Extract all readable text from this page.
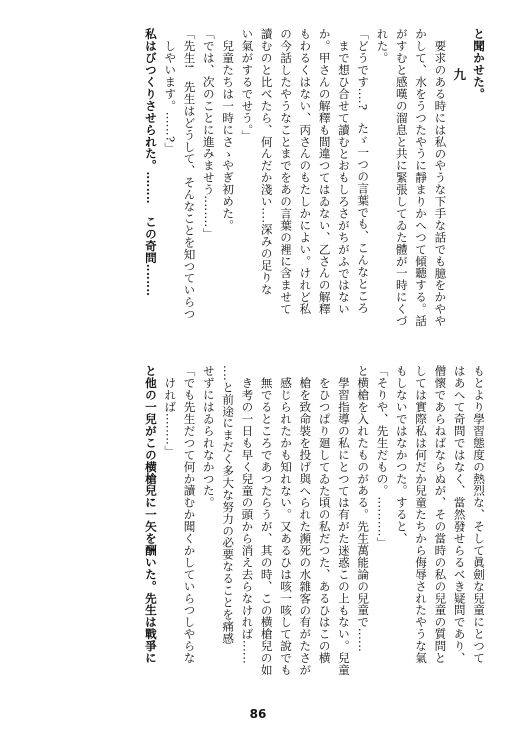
と聞かせた。
九
要求のある時には私のやうな下手な話でも臆をかやや
かして、水をうつたやうに靜まりかへつて傾聽する。話
がすむと感嘆の溜息と共に緊張してゐた體が一時にくづ
れた。
「どうです‥‥?　たゞ一つの言葉でも、こんなところ
まで想ひ合せて讀むとおもしろさがちがふではない
か。甲さんの解釋も間違つてはゐない、乙さんの解釋
もわるくはない、丙さんのもたしかによい。けれど私
の今話したやうなことまでをあの言葉の裡に含ませて
讀むのと比べたら、何んだか淺い‥‥深みの足りな
い氣がするでせう。」
兒童たちは一時にさゝやぎ初めた。
「では、次のことに進みませう‥‥‥‥」
「先生!　先生はどうして、そんなことを知つていらつ
しやいます。‥‥‥?」
私はびつくりさせられた。‥‥‥‥　この奇問‥‥‥‥
もとより學習態度の熱烈な、そして眞劍な兒童にとつて
はあへて奇問ではなく、當然發せらるべき疑問であり、
僧懷であらねばならぬが、その當時の私の兒童の質問と
しては實際私は何だか兒童たちから侮辱されたやうな氣
もしないではなかつた。すると、
「そりや、先生だもの。‥‥‥‥‥」
と横槍を入れたものがある。先生萬能論の兒童で‥‥‥
學習指導の私にとつては有がた迷惑この上もない。兒童
をひつぱり廻してゐた頃の私だつた、あるひはこの横
槍を致命裝を投げ與へられた瀕死の水雜客の有がたさが
感じられたかも知れない。又あるひは咳一咳して說でも
無でるところであつたらうが、其の時、この横槍兒の如
き考の一日も早く兒童の頭から消え去らなければ‥‥‥
‥‥と前途にまだく多大な努力の必要なることを痛感
せずにはゐられなかつた。
「でも先生だつて何か讀むか聞くかしていらつしやらな
ければ‥‥‥‥」
と他の一兒がこの横槍兒に一矢を酬いた。先生は戰爭に
86
